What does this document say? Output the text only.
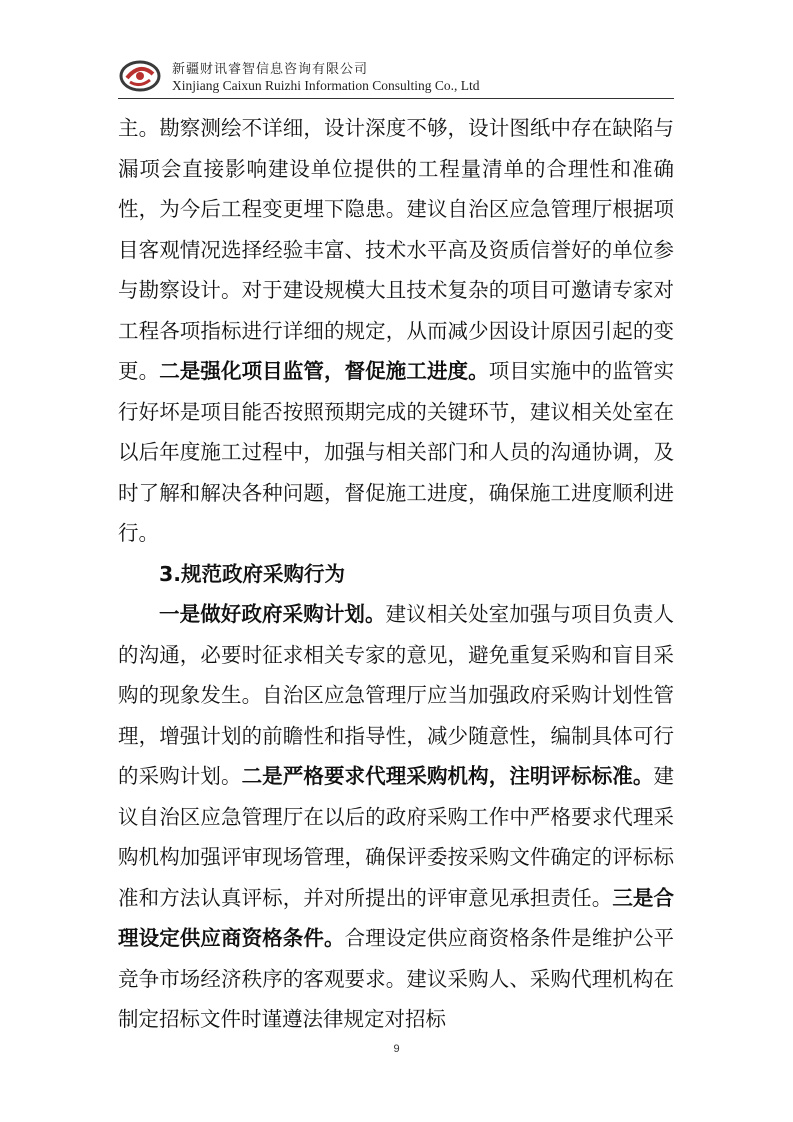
新疆财讯睿智信息咨询有限公司
Xinjiang Caixun Ruizhi Information Consulting Co., Ltd

主。勘察测绘不详细，设计深度不够，设计图纸中存在缺陷与漏项会直接影响建设单位提供的工程量清单的合理性和准确性，为今后工程变更埋下隐患。建议自治区应急管理厅根据项目客观情况选择经验丰富、技术水平高及资质信誉好的单位参与勘察设计。对于建设规模大且技术复杂的项目可邀请专家对工程各项指标进行详细的规定，从而减少因设计原因引起的变更。二是强化项目监管，督促施工进度。项目实施中的监管实行好坏是项目能否按照预期完成的关键环节，建议相关处室在以后年度施工过程中，加强与相关部门和人员的沟通协调，及时了解和解决各种问题，督促施工进度，确保施工进度顺利进行。

3.规范政府采购行为

一是做好政府采购计划。建议相关处室加强与项目负责人的沟通，必要时征求相关专家的意见，避免重复采购和盲目采购的现象发生。自治区应急管理厅应当加强政府采购计划性管理，增强计划的前瞻性和指导性，减少随意性，编制具体可行的采购计划。二是严格要求代理采购机构，注明评标标准。建议自治区应急管理厅在以后的政府采购工作中严格要求代理采购机构加强评审现场管理，确保评委按采购文件确定的评标标准和方法认真评标，并对所提出的评审意见承担责任。三是合理设定供应商资格条件。合理设定供应商资格条件是维护公平竞争市场经济秩序的客观要求。建议采购人、采购代理机构在制定招标文件时谨遵法律规定对招标

9
